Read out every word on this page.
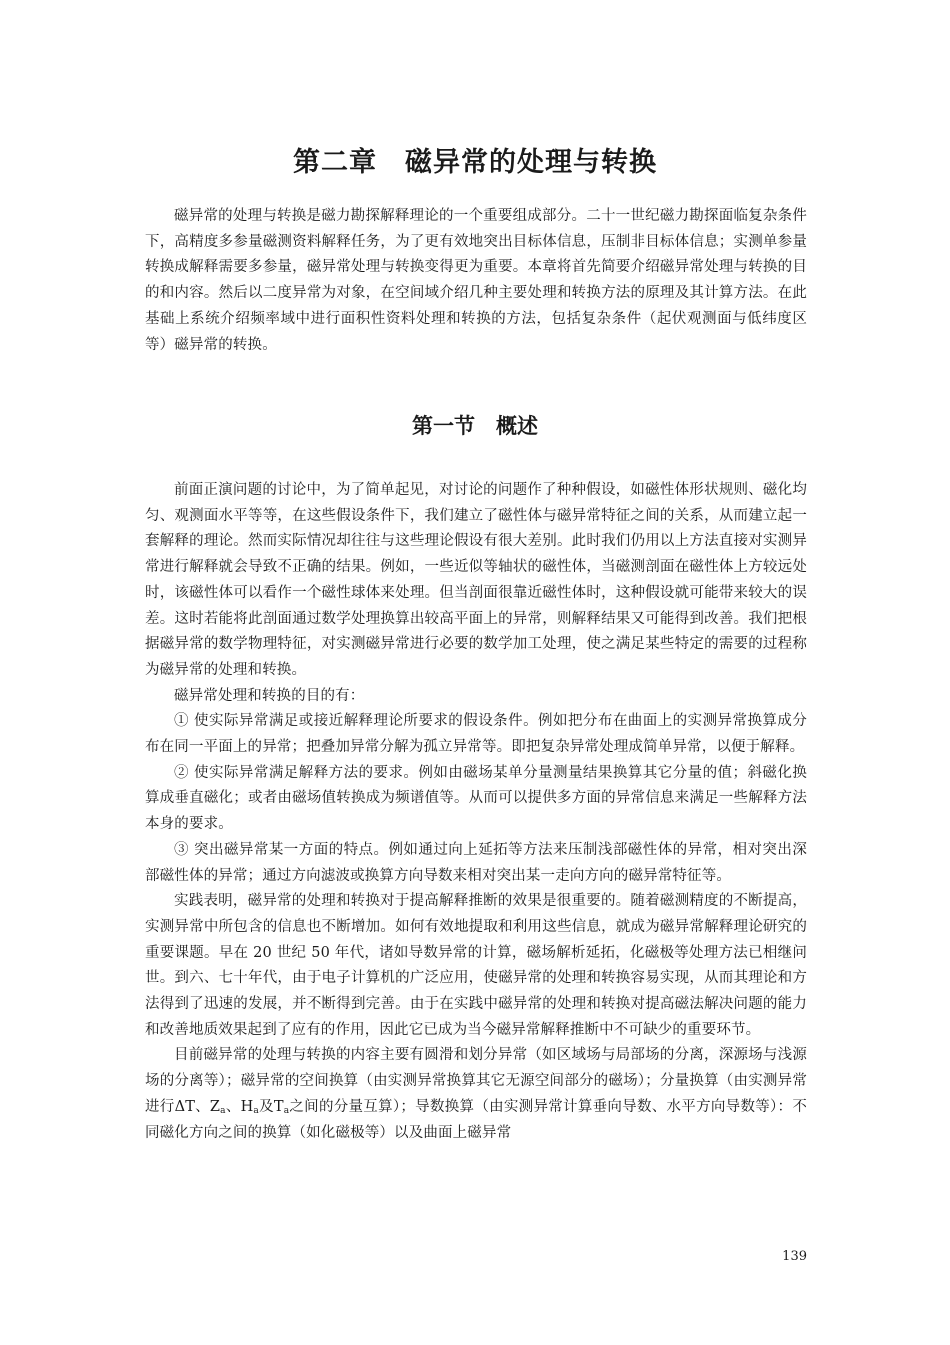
第二章　磁异常的处理与转换

磁异常的处理与转换是磁力勘探解释理论的一个重要组成部分。二十一世纪磁力勘探面临复杂条件下，高精度多参量磁测资料解释任务，为了更有效地突出目标体信息，压制非目标体信息；实测单参量转换成解释需要多参量，磁异常处理与转换变得更为重要。本章将首先简要介绍磁异常处理与转换的目的和内容。然后以二度异常为对象，在空间域介绍几种主要处理和转换方法的原理及其计算方法。在此基础上系统介绍频率域中进行面积性资料处理和转换的方法，包括复杂条件（起伏观测面与低纬度区等）磁异常的转换。

第一节　概述

前面正演问题的讨论中，为了简单起见，对讨论的问题作了种种假设，如磁性体形状规则、磁化均匀、观测面水平等等，在这些假设条件下，我们建立了磁性体与磁异常特征之间的关系，从而建立起一套解释的理论。然而实际情况却往往与这些理论假设有很大差别。此时我们仍用以上方法直接对实测异常进行解释就会导致不正确的结果。例如，一些近似等轴状的磁性体，当磁测剖面在磁性体上方较远处时，该磁性体可以看作一个磁性球体来处理。但当剖面很靠近磁性体时，这种假设就可能带来较大的误差。这时若能将此剖面通过数学处理换算出较高平面上的异常，则解释结果又可能得到改善。我们把根据磁异常的数学物理特征，对实测磁异常进行必要的数学加工处理，使之满足某些特定的需要的过程称为磁异常的处理和转换。

磁异常处理和转换的目的有：

① 使实际异常满足或接近解释理论所要求的假设条件。例如把分布在曲面上的实测异常换算成分布在同一平面上的异常；把叠加异常分解为孤立异常等。即把复杂异常处理成简单异常，以便于解释。

② 使实际异常满足解释方法的要求。例如由磁场某单分量测量结果换算其它分量的值；斜磁化换算成垂直磁化；或者由磁场值转换成为频谱值等。从而可以提供多方面的异常信息来满足一些解释方法本身的要求。

③ 突出磁异常某一方面的特点。例如通过向上延拓等方法来压制浅部磁性体的异常，相对突出深部磁性体的异常；通过方向滤波或换算方向导数来相对突出某一走向方向的磁异常特征等。

实践表明，磁异常的处理和转换对于提高解释推断的效果是很重要的。随着磁测精度的不断提高，实测异常中所包含的信息也不断增加。如何有效地提取和利用这些信息，就成为磁异常解释理论研究的重要课题。早在 20 世纪 50 年代，诸如导数异常的计算，磁场解析延拓，化磁极等处理方法已相继问世。到六、七十年代，由于电子计算机的广泛应用，使磁异常的处理和转换容易实现，从而其理论和方法得到了迅速的发展，并不断得到完善。由于在实践中磁异常的处理和转换对提高磁法解决问题的能力和改善地质效果起到了应有的作用，因此它已成为当今磁异常解释推断中不可缺少的重要环节。

目前磁异常的处理与转换的内容主要有圆滑和划分异常（如区域场与局部场的分离，深源场与浅源场的分离等）；磁异常的空间换算（由实测异常换算其它无源空间部分的磁场）；分量换算（由实测异常进行ΔT、$Z_a$、$H_a$及$T_a$之间的分量互算）；导数换算（由实测异常计算垂向导数、水平方向导数等）：不同磁化方向之间的换算（如化磁极等）以及曲面上磁异常

139
